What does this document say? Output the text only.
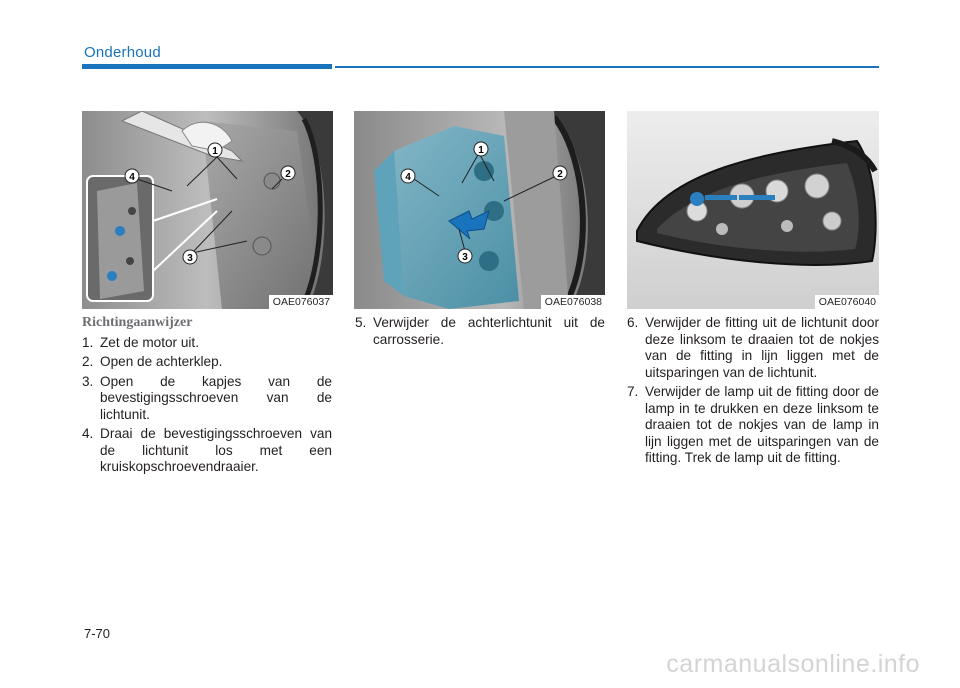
Onderhoud
1
2
3
4
OAE076037
1
2
3
4
OAE076038	OAE076040
Richtingaanwijzer
1. Zet de motor uit.
2. Open de achterklep.
3. Open de kapjes van de bevestigingsschroeven van de lichtunit.
4. Draai de bevestigingsschroeven van de lichtunit los met een kruiskopschroevendraaier.
5. Verwijder de achterlichtunit uit de carrosserie.
6. Verwijder de fitting uit de lichtunit door deze linksom te draaien tot de nokjes van de fitting in lijn liggen met de uitsparingen van de lichtunit.
7. Verwijder de lamp uit de fitting door de lamp in te drukken en deze linksom te draaien tot de nokjes van de lamp in lijn liggen met de uitsparingen van de fitting. Trek de lamp uit de fitting.
7-70
carmanualsonline.info
